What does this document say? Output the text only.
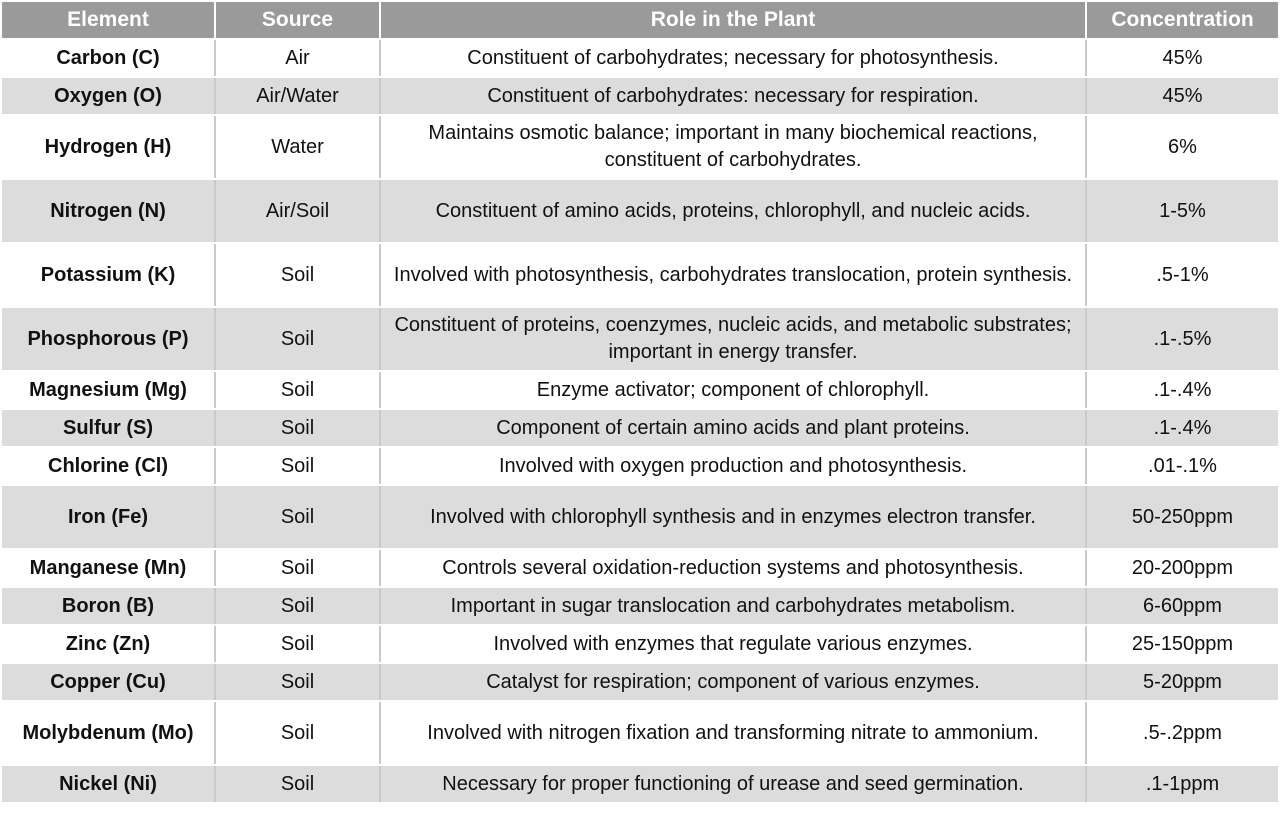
Element	Source	Role in the Plant	Concentration
Carbon (C)	Air	Constituent of carbohydrates; necessary for photosynthesis.	45%
Oxygen (O)	Air/Water	Constituent of carbohydrates: necessary for respiration.	45%
Hydrogen (H)	Water	Maintains osmotic balance; important in many biochemical reactions, constituent of carbohydrates.	6%
Nitrogen (N)	Air/Soil	Constituent of amino acids, proteins, chlorophyll, and nucleic acids.	1-5%
Potassium (K)	Soil	Involved with photosynthesis, carbohydrates translocation, protein synthesis.	.5-1%
Phosphorous (P)	Soil	Constituent of proteins, coenzymes, nucleic acids, and metabolic substrates; important in energy transfer.	.1-.5%
Magnesium (Mg)	Soil	Enzyme activator; component of chlorophyll.	.1-.4%
Sulfur (S)	Soil	Component of certain amino acids and plant proteins.	.1-.4%
Chlorine (Cl)	Soil	Involved with oxygen production and photosynthesis.	.01-.1%
Iron (Fe)	Soil	Involved with chlorophyll synthesis and in enzymes electron transfer.	50-250ppm
Manganese (Mn)	Soil	Controls several oxidation-reduction systems and photosynthesis.	20-200ppm
Boron (B)	Soil	Important in sugar translocation and carbohydrates metabolism.	6-60ppm
Zinc (Zn)	Soil	Involved with enzymes that regulate various enzymes.	25-150ppm
Copper (Cu)	Soil	Catalyst for respiration; component of various enzymes.	5-20ppm
Molybdenum (Mo)	Soil	Involved with nitrogen fixation and transforming nitrate to ammonium.	.5-.2ppm
Nickel (Ni)	Soil	Necessary for proper functioning of urease and seed germination.	.1-1ppm
